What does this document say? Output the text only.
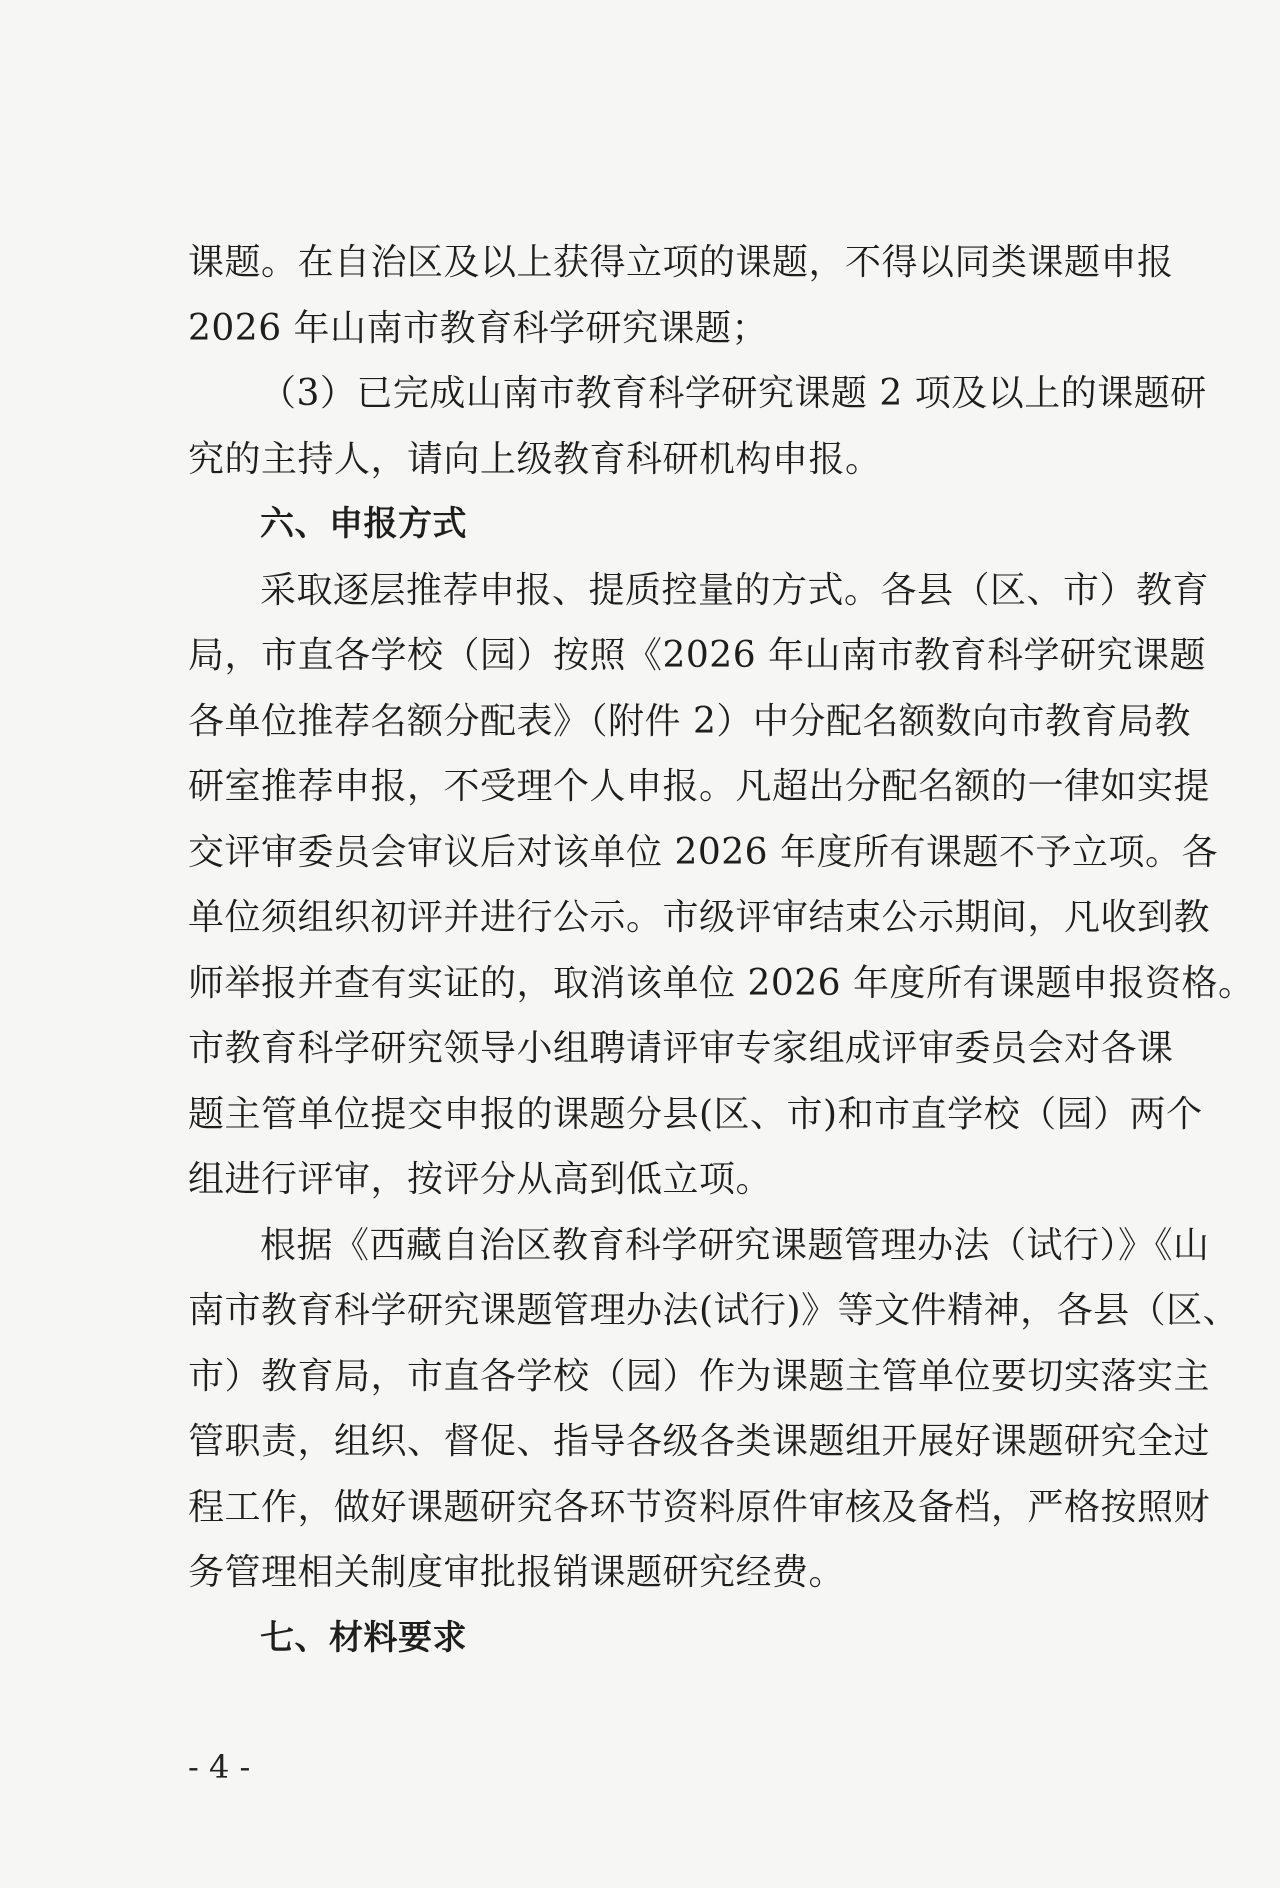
课题。在自治区及以上获得立项的课题，不得以同类课题申报
2026 年山南市教育科学研究课题；
（3）已完成山南市教育科学研究课题 2 项及以上的课题研
究的主持人，请向上级教育科研机构申报。
六、申报方式
采取逐层推荐申报、提质控量的方式。各县（区、市）教育
局，市直各学校（园）按照《2026 年山南市教育科学研究课题
各单位推荐名额分配表》（附件 2）中分配名额数向市教育局教
研室推荐申报，不受理个人申报。凡超出分配名额的一律如实提
交评审委员会审议后对该单位 2026 年度所有课题不予立项。各
单位须组织初评并进行公示。市级评审结束公示期间，凡收到教
师举报并查有实证的，取消该单位 2026 年度所有课题申报资格。
市教育科学研究领导小组聘请评审专家组成评审委员会对各课
题主管单位提交申报的课题分县(区、市)和市直学校（园）两个
组进行评审，按评分从高到低立项。
根据《西藏自治区教育科学研究课题管理办法（试行）》《山
南市教育科学研究课题管理办法(试行)》等文件精神，各县（区、
市）教育局，市直各学校（园）作为课题主管单位要切实落实主
管职责，组织、督促、指导各级各类课题组开展好课题研究全过
程工作，做好课题研究各环节资料原件审核及备档，严格按照财
务管理相关制度审批报销课题研究经费。
七、材料要求
- 4 -
